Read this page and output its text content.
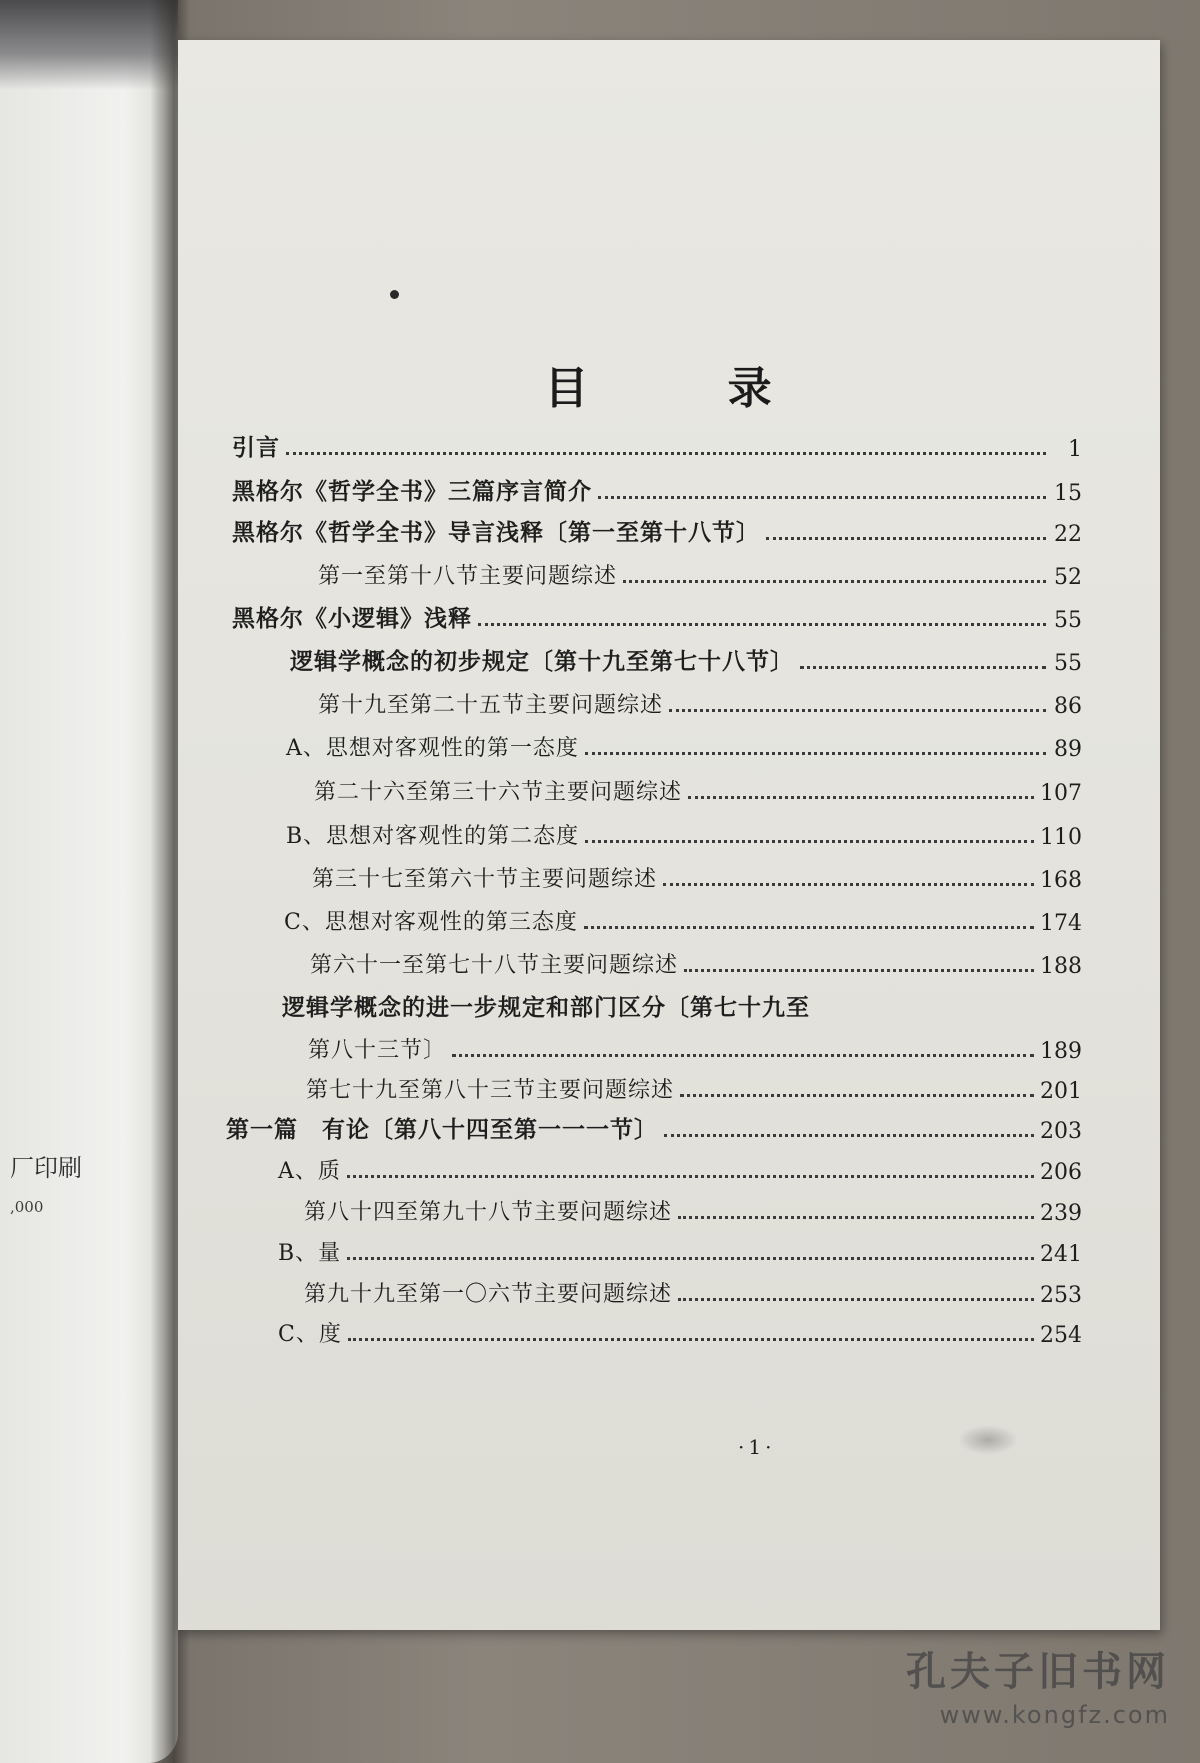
厂印刷
,000
目 录
引言	1
黑格尔《哲学全书》三篇序言简介	15
黑格尔《哲学全书》导言浅释〔第一至第十八节〕	22
第一至第十八节主要问题综述	52
黑格尔《小逻辑》浅释	55
逻辑学概念的初步规定〔第十九至第七十八节〕	55
第十九至第二十五节主要问题综述	86
A、思想对客观性的第一态度	89
第二十六至第三十六节主要问题综述	107
B、思想对客观性的第二态度	110
第三十七至第六十节主要问题综述	168
C、思想对客观性的第三态度	174
第六十一至第七十八节主要问题综述	188
逻辑学概念的进一步规定和部门区分〔第七十九至
第八十三节〕	189
第七十九至第八十三节主要问题综述	201
第一篇　有论〔第八十四至第一一一节〕	203
A、质	206
第八十四至第九十八节主要问题综述	239
B、量	241
第九十九至第一〇六节主要问题综述	253
C、度	254
·1·
孔夫子旧书网
www.kongfz.com
